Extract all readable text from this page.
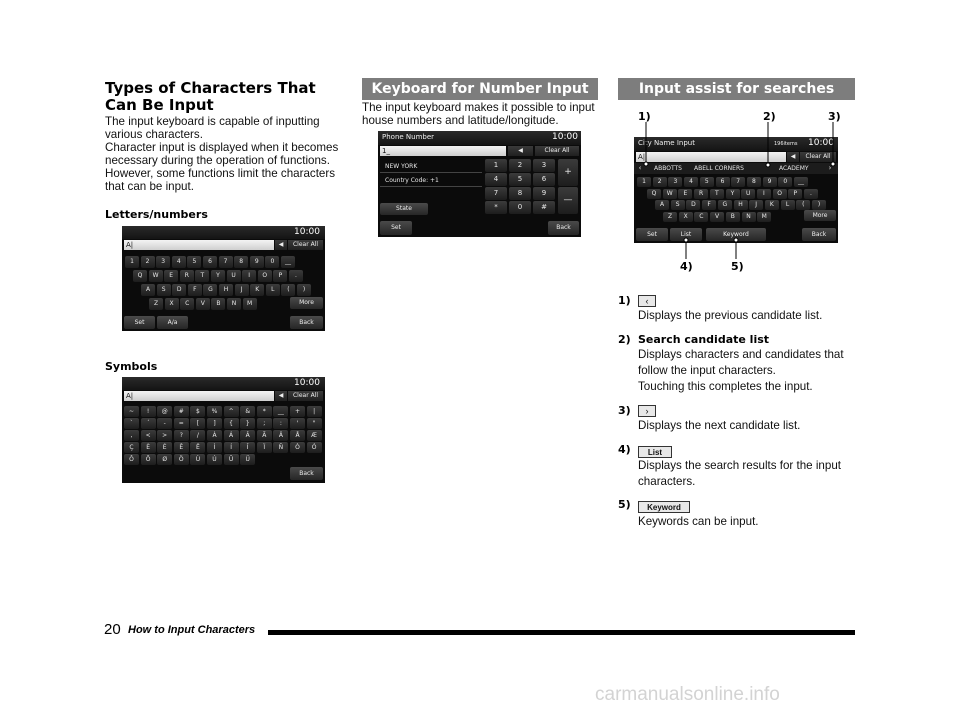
Types of Characters That Can Be Input
The input keyboard is capable of inputting
various characters.
Character input is displayed when it becomes
necessary during the operation of functions.
However, some functions limit the characters
that can be input.
Letters/numbers
10:00
A|	◀	Clear All
1	2	3	4	5	6	7	8	9	0	__
Q	W	E	R	T	Y	U	I	O	P	.
A	S	D	F	G	H	J	K	L	(	)
Z	X	C	V	B	N	M	More
Set	A/a	Back
Symbols
10:00
A|	◀	Clear All
~	!	@	#	$	%	^	&	*	__	+	|
`	´	-	=	[	]	{	}	;	:	'	"
,	<	>	?	/	À	Á	Â	Ã	Ä	Å	Æ
Ç	È	É	Ê	Ë	Ì	Í	Î	Ï	Ñ	Ò	Ó
Ô	Õ	Ø	Ö	Ù	Ú	Û	Ü
Back
Keyboard for Number Input
The input keyboard makes it possible to input
house numbers and latitude/longitude.
Phone Number	10:00
1_	◀	Clear All
NEW YORK
Country Code: +1
1	2	3
4	5	6
7	8	9
*	0	#
+
—
State
Set	Back
Input assist for searches
1)	2)	3)
City Name Input	196items 10:00
A|	◀	Clear All
‹	ABBOTTS ABELL CORNERS	ACADEMY	›
1	2	3	4	5	6	7	8	9	0	__
Q	W	E	R	T	Y	U	I	O	P	.
A	S	D	F	G	H	J	K	L	(	)
Z	X	C	V	B	N	M	More
Set	List	Keyword	Back
4)	5)
1)	‹
Displays the previous candidate list.
2) Search candidate list
Displays characters and candidates that
follow the input characters.
Touching this completes the input.
3)	›
Displays the next candidate list.
4)	List
Displays the search results for the input
characters.
5)	Keyword
Keywords can be input.
20 How to Input Characters
carmanualsonline.info
